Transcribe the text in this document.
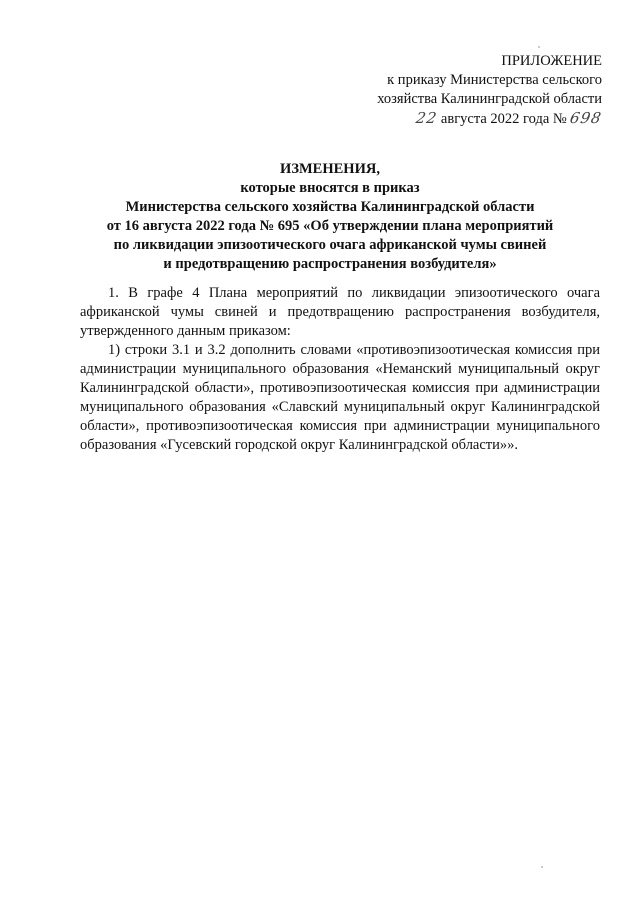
ПРИЛОЖЕНИЕ
к приказу Министерства сельского
хозяйства Калининградской области
22 августа 2022 года № 698
ИЗМЕНЕНИЯ,
которые вносятся в приказ
Министерства сельского хозяйства Калининградской области
от 16 августа 2022 года № 695 «Об утверждении плана мероприятий
по ликвидации эпизоотического очага африканской чумы свиней
и предотвращению распространения возбудителя»

1. В графе 4 Плана мероприятий по ликвидации эпизоотического очага африканской чумы свиней и предотвращению распространения возбудителя, утвержденного данным приказом:

1) строки 3.1 и 3.2 дополнить словами «противоэпизоотическая комиссия при администрации муниципального образования «Неманский муниципальный округ Калининградской области», противоэпизоотическая комиссия при администрации муниципального образования «Славский муниципальный округ Калининградской области», противоэпизоотическая комиссия при администрации муниципального образования «Гусевский городской округ Калининградской области»».
